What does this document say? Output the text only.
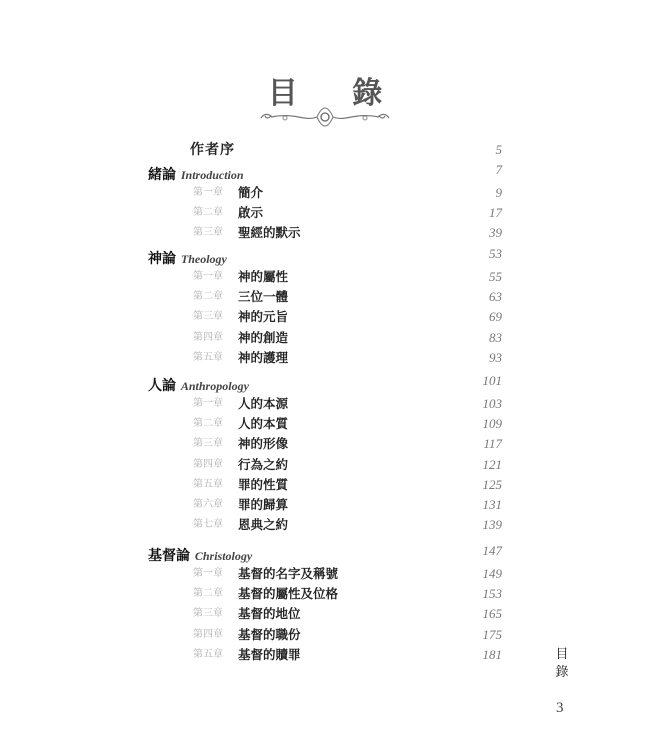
目 錄
作者序	5
緒論 Introduction	7
第一章 簡介	9
第二章 啟示	17
第三章 聖經的默示	39
神論 Theology	53
第一章 神的屬性	55
第二章 三位一體	63
第三章 神的元旨	69
第四章 神的創造	83
第五章 神的護理	93
人論 Anthropology	101
第一章 人的本源	103
第二章 人的本質	109
第三章 神的形像	117
第四章 行為之約	121
第五章 罪的性質	125
第六章 罪的歸算	131
第七章 恩典之約	139
基督論 Christology	147
第一章 基督的名字及稱號	149
第二章 基督的屬性及位格	153
第三章 基督的地位	165
第四章 基督的職份	175
第五章 基督的贖罪	181	目
錄
3
